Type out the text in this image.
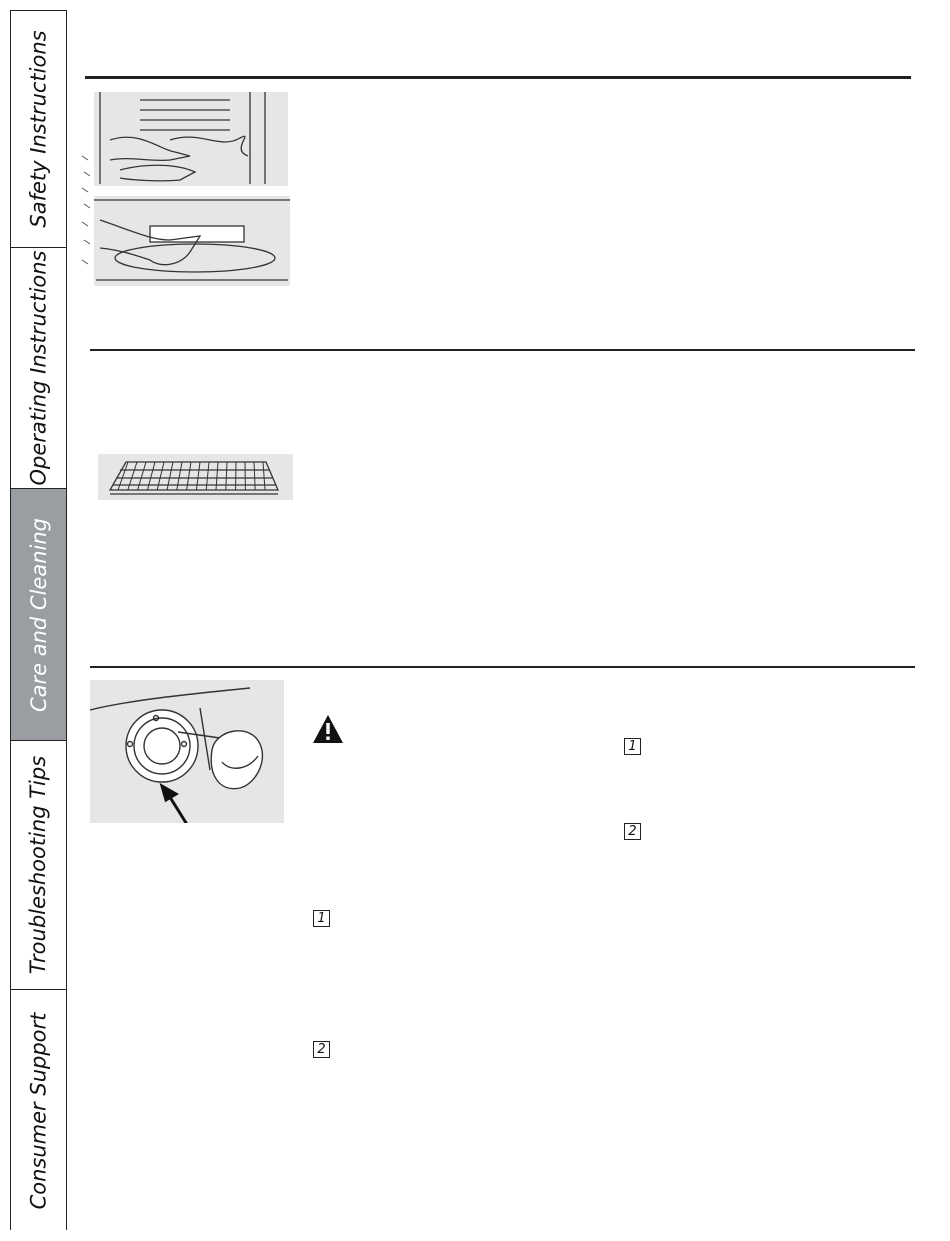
Safety Instructions
Operating Instructions
Care and Cleaning
Troubleshooting Tips
Consumer Support
1
2
1
2
